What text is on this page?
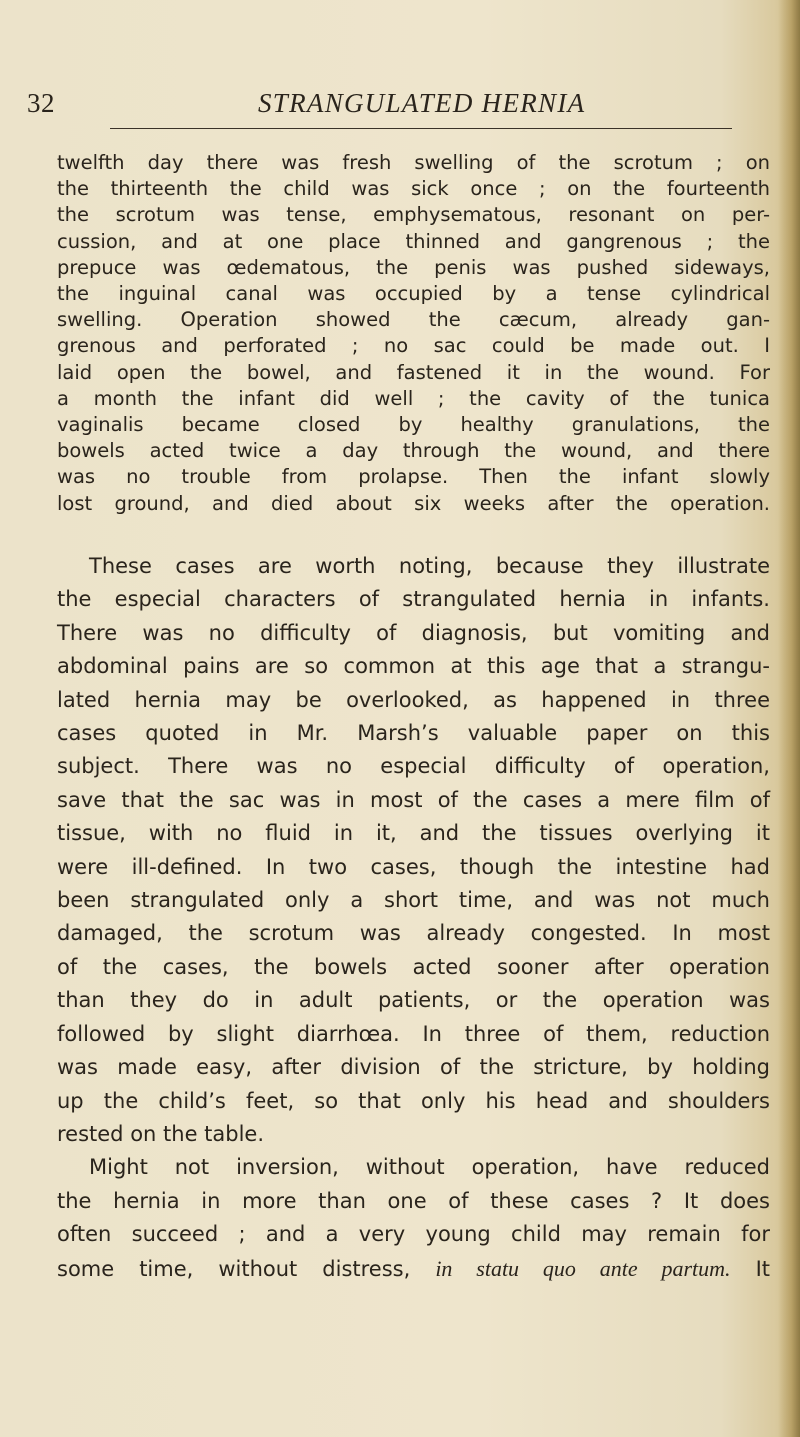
32	STRANGULATED HERNIA
twelfth day there was fresh swelling of the scrotum ; on
the thirteenth the child was sick once ; on the fourteenth
the scrotum was tense, emphysematous, resonant on per-
cussion, and at one place thinned and gangrenous ; the
prepuce was œdematous, the penis was pushed sideways,
the inguinal canal was occupied by a tense cylindrical
swelling. Operation showed the cæcum, already gan-
grenous and perforated ; no sac could be made out. I
laid open the bowel, and fastened it in the wound. For
a month the infant did well ; the cavity of the tunica
vaginalis became closed by healthy granulations, the
bowels acted twice a day through the wound, and there
was no trouble from prolapse. Then the infant slowly
lost ground, and died about six weeks after the operation.
These cases are worth noting, because they illustrate
the especial characters of strangulated hernia in infants.
There was no difficulty of diagnosis, but vomiting and
abdominal pains are so common at this age that a strangu-
lated hernia may be overlooked, as happened in three
cases quoted in Mr. Marsh’s valuable paper on this
subject. There was no especial difficulty of operation,
save that the sac was in most of the cases a mere film of
tissue, with no fluid in it, and the tissues overlying it
were ill-defined. In two cases, though the intestine had
been strangulated only a short time, and was not much
damaged, the scrotum was already congested. In most
of the cases, the bowels acted sooner after operation
than they do in adult patients, or the operation was
followed by slight diarrhœa. In three of them, reduction
was made easy, after division of the stricture, by holding
up the child’s feet, so that only his head and shoulders
rested on the table.
Might not inversion, without operation, have reduced
the hernia in more than one of these cases ? It does
often succeed ; and a very young child may remain for
some time, without distress, in statu quo ante partum. It
